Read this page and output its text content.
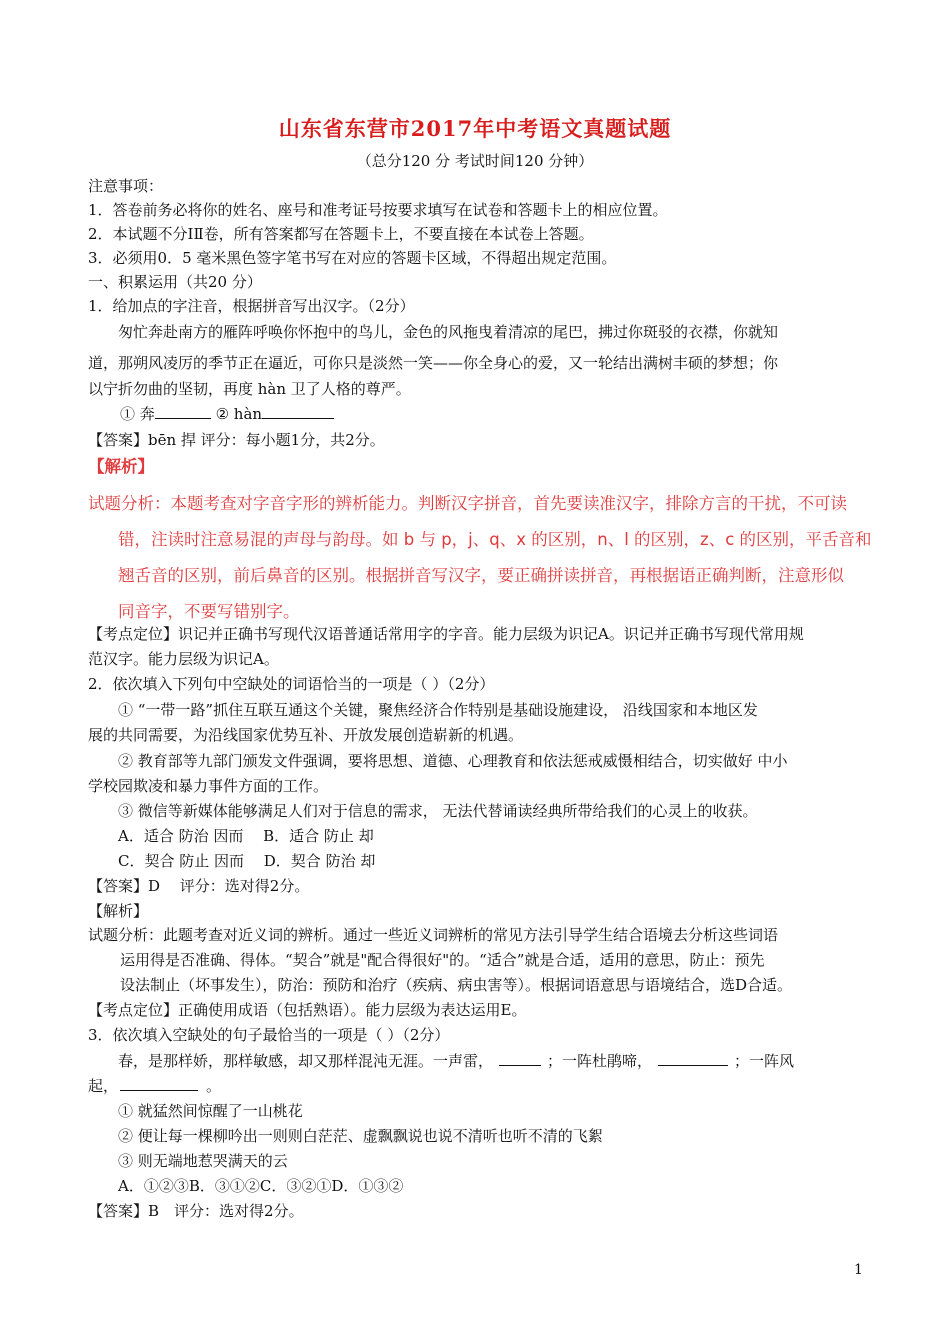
山东省东营市2017年中考语文真题试题
（总分120 分 考试时间120 分钟）
注意事项：
1．答卷前务必将你的姓名、座号和准考证号按要求填写在试卷和答题卡上的相应位置。
2．本试题不分ⅠⅡ卷，所有答案都写在答题卡上，不要直接在本试卷上答题。
3．必须用0．5 毫米黑色签字笔书写在对应的答题卡区域，不得超出规定范围。
一、积累运用（共20 分）
1．给加点的字注音，根据拼音写出汉字。（2分）
匆忙奔赴南方的雁阵呼唤你怀抱中的鸟儿，金色的风拖曳着清凉的尾巴，拂过你斑驳的衣襟，你就知
道，那朔风凌厉的季节正在逼近，可你只是淡然一笑——你全身心的爱，又一轮结出满树丰硕的梦想；你
以宁折勿曲的坚韧，再度 hàn 卫了人格的尊严。
① 奔	② hàn
【答案】bēn 捍 评分：每小题1分，共2分。
【解析】
试题分析：本题考查对字音字形的辨析能力。判断汉字拼音，首先要读准汉字，排除方言的干扰，不可读
错，注读时注意易混的声母与韵母。如 b 与 p，j、q、x 的区别，n、l 的区别，z、c 的区别，平舌音和
翘舌音的区别，前后鼻音的区别。根据拼音写汉字，要正确拼读拼音，再根据语正确判断，注意形似
同音字，不要写错别字。
【考点定位】识记并正确书写现代汉语普通话常用字的字音。能力层级为识记A。识记并正确书写现代常用规
范汉字。能力层级为识记A。
2．依次填入下列句中空缺处的词语恰当的一项是（ ）（2分）
① “一带一路”抓住互联互通这个关键，聚焦经济合作特别是基础设施建设， 沿线国家和本地区发
展的共同需要，为沿线国家优势互补、开放发展创造崭新的机遇。
② 教育部等九部门颁发文件强调，要将思想、道德、心理教育和依法惩戒威慑相结合，切实做好 中小
学校园欺凌和暴力事件方面的工作。
③ 微信等新媒体能够满足人们对于信息的需求， 无法代替诵读经典所带给我们的心灵上的收获。
A．适合 防治 因而　 B．适合 防止 却
C．契合 防止 因而　 D．契合 防治 却
【答案】D　 评分：选对得2分。
【解析】
试题分析：此题考查对近义词的辨析。通过一些近义词辨析的常见方法引导学生结合语境去分析这些词语
运用得是否准确、得体。“契合”就是"配合得很好"的。“适合”就是合适，适用的意思，防止：预先
设法制止（坏事发生），防治：预防和治疗（疾病、病虫害等）。根据词语意思与语境结合，选D合适。
【考点定位】正确使用成语（包括熟语）。能力层级为表达运用E。
3．依次填入空缺处的句子最恰当的一项是（ ）（2分）
春，是那样娇，那样敏感，却又那样混沌无涯。一声雷，	；一阵杜鹃啼，	；一阵风
起，	。
① 就猛然间惊醒了一山桃花
② 便让每一棵柳吟出一则则白茫茫、虚飘飘说也说不清听也听不清的飞絮
③ 则无端地惹哭满天的云
A．①②③B．③①②C．③②①D．①③②
【答案】B　评分：选对得2分。
1
